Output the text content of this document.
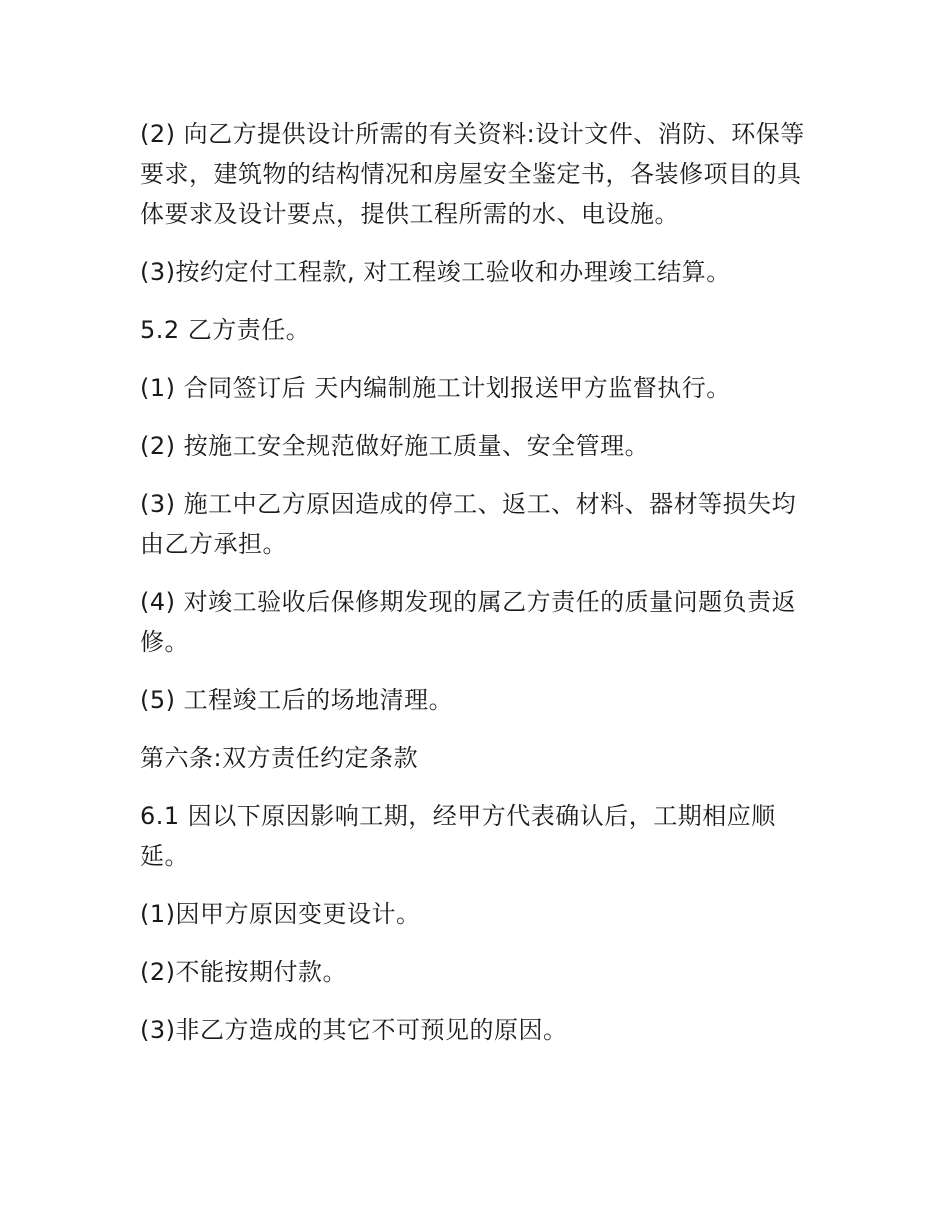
(2) 向乙方提供设计所需的有关资料:设计文件、消防、环保等要求，建筑物的结构情况和房屋安全鉴定书，各装修项目的具体要求及设计要点，提供工程所需的水、电设施。

(3)按约定付工程款, 对工程竣工验收和办理竣工结算。

5.2 乙方责任。

(1) 合同签订后 天内编制施工计划报送甲方监督执行。

(2) 按施工安全规范做好施工质量、安全管理。

(3) 施工中乙方原因造成的停工、返工、材料、器材等损失均由乙方承担。

(4) 对竣工验收后保修期发现的属乙方责任的质量问题负责返修。

(5) 工程竣工后的场地清理。

第六条:双方责任约定条款

6.1 因以下原因影响工期，经甲方代表确认后，工期相应顺延。

(1)因甲方原因变更设计。

(2)不能按期付款。

(3)非乙方造成的其它不可预见的原因。
